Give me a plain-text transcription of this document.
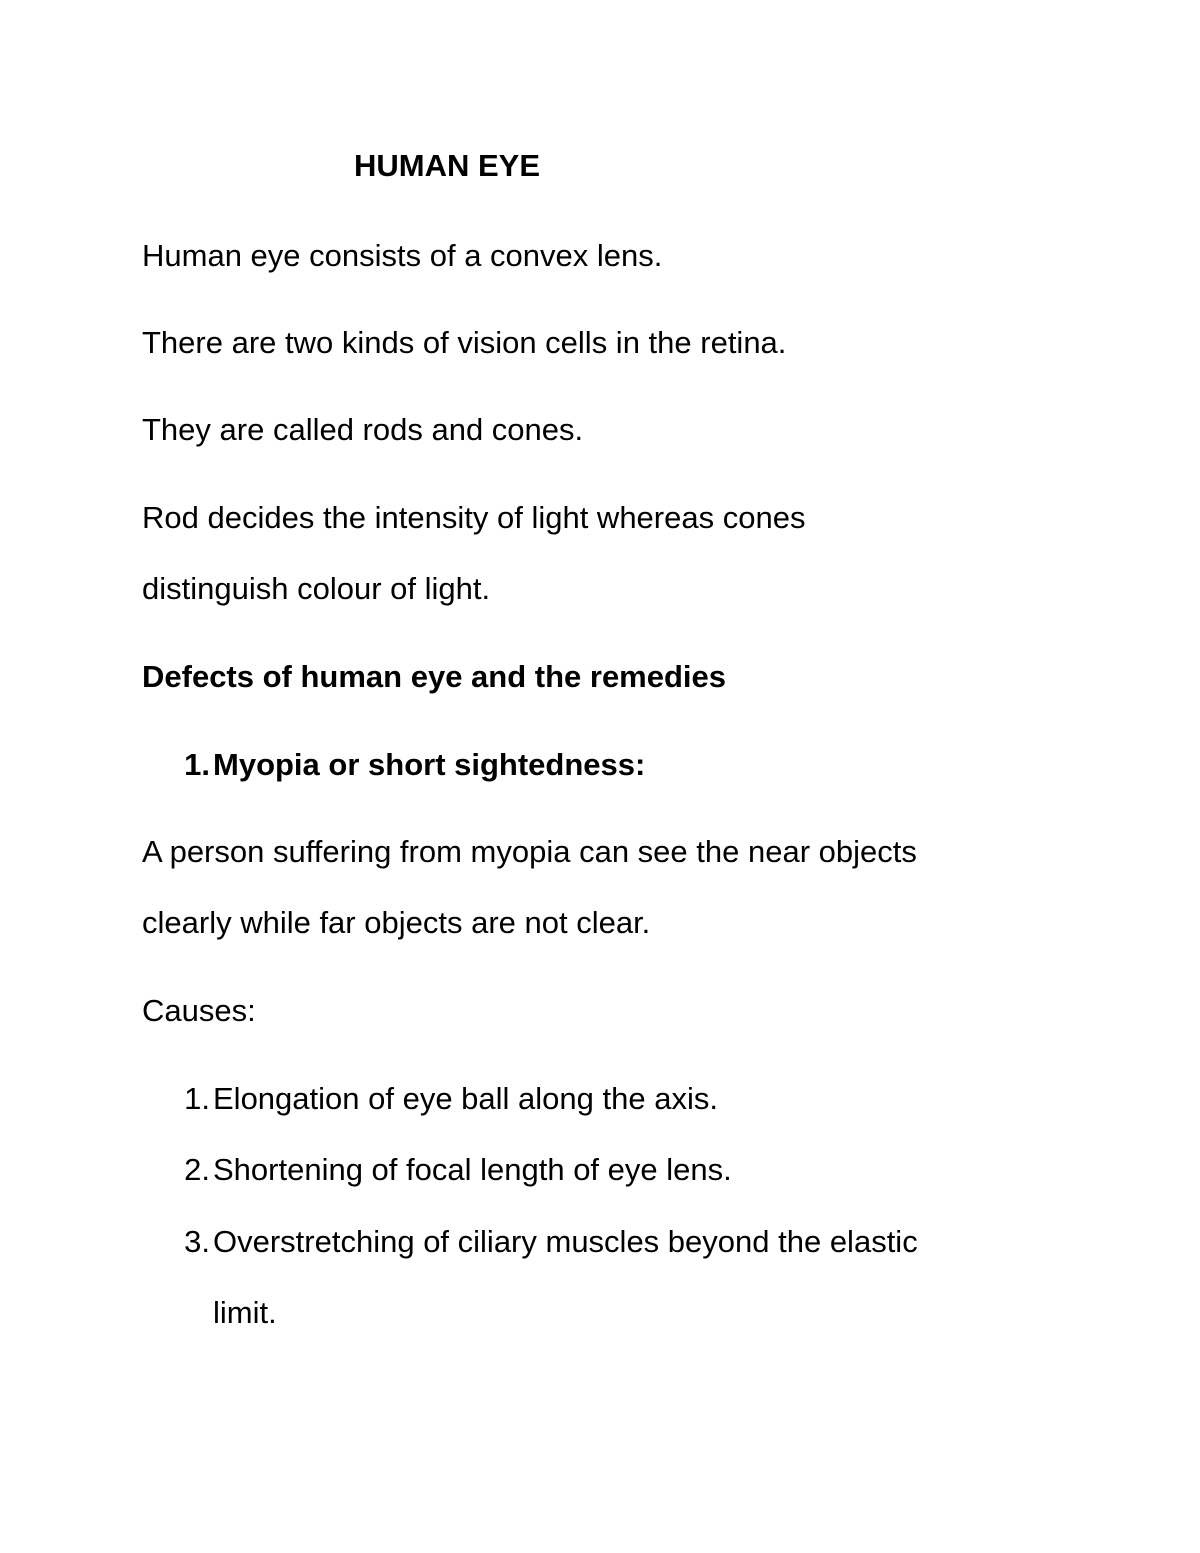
HUMAN EYE
Human eye consists of a convex lens.
There are two kinds of vision cells in the retina.
They are called rods and cones.
Rod decides the intensity of light whereas cones
distinguish colour of light.
Defects of human eye and the remedies
1. Myopia or short sightedness:
A person suffering from myopia can see the near objects
clearly while far objects are not clear.
Causes:
1. Elongation of eye ball along the axis.
2. Shortening of focal length of eye lens.
3. Overstretching of ciliary muscles beyond the elastic
limit.
